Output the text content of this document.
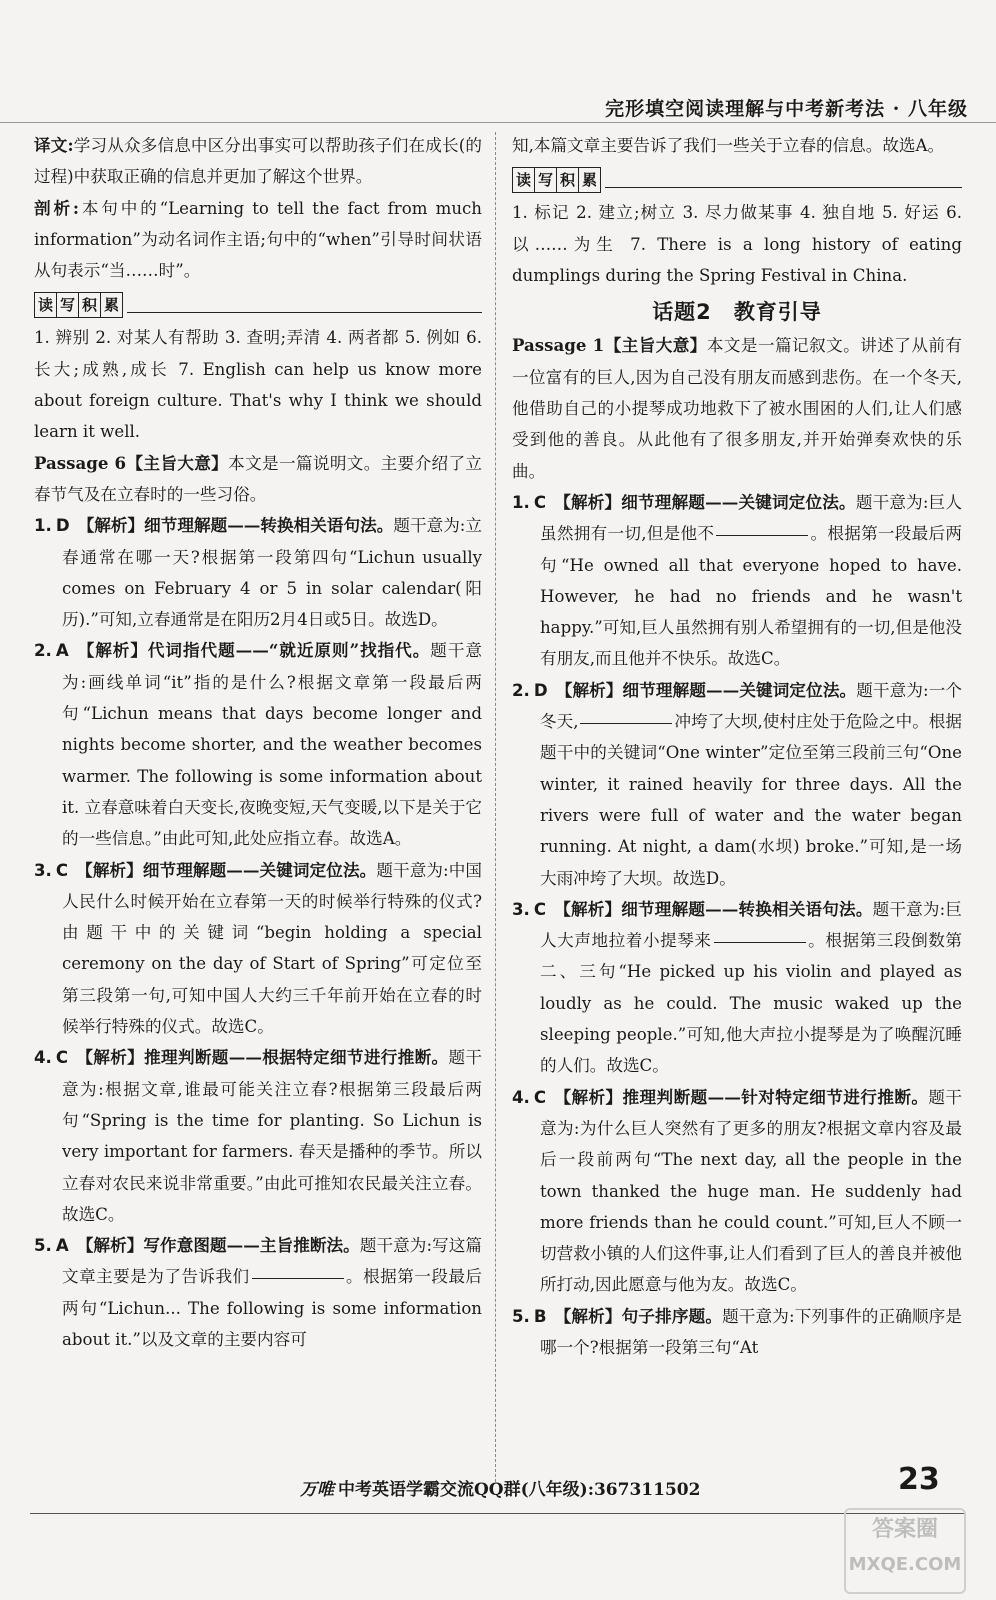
完形填空阅读理解与中考新考法 · 八年级

译文:学习从众多信息中区分出事实可以帮助孩子们在成长(的过程)中获取正确的信息并更加了解这个世界。

剖析:本句中的“Learning to tell the fact from much information”为动名词作主语;句中的“when”引导时间状语从句表示“当……时”。

读 写 积 累

1. 辨别 2. 对某人有帮助 3. 查明;弄清 4. 两者都 5. 例如 6. 长大;成熟,成长 7. English can help us know more about foreign culture. That's why I think we should learn it well.

Passage 6【主旨大意】本文是一篇说明文。主要介绍了立春节气及在立春时的一些习俗。

1. D 【解析】细节理解题——转换相关语句法。题干意为:立春通常在哪一天?根据第一段第四句“Lichun usually comes on February 4 or 5 in solar calendar(阳历).”可知,立春通常是在阳历2月4日或5日。故选D。

2. A 【解析】代词指代题——“就近原则”找指代。题干意为:画线单词“it”指的是什么?根据文章第一段最后两句“Lichun means that days become longer and nights become shorter, and the weather becomes warmer. The following is some information about it. 立春意味着白天变长,夜晚变短,天气变暖,以下是关于它的一些信息。”由此可知,此处应指立春。故选A。

3. C 【解析】细节理解题——关键词定位法。题干意为:中国人民什么时候开始在立春第一天的时候举行特殊的仪式?由题干中的关键词“begin holding a special ceremony on the day of Start of Spring”可定位至第三段第一句,可知中国人大约三千年前开始在立春的时候举行特殊的仪式。故选C。

4. C 【解析】推理判断题——根据特定细节进行推断。题干意为:根据文章,谁最可能关注立春?根据第三段最后两句“Spring is the time for planting. So Lichun is very important for farmers. 春天是播种的季节。所以立春对农民来说非常重要。”由此可推知农民最关注立春。故选C。

5. A 【解析】写作意图题——主旨推断法。题干意为:写这篇文章主要是为了告诉我们	。根据第一段最后两句“Lichun... The following is some information about it.”以及文章的主要内容可

知,本篇文章主要告诉了我们一些关于立春的信息。故选A。

读 写 积 累

1. 标记 2. 建立;树立 3. 尽力做某事 4. 独自地 5. 好运 6. 以……为生 7. There is a long history of eating dumplings during the Spring Festival in China.

话题2 教育引导

Passage 1【主旨大意】本文是一篇记叙文。讲述了从前有一位富有的巨人,因为自己没有朋友而感到悲伤。在一个冬天,他借助自己的小提琴成功地救下了被水围困的人们,让人们感受到他的善良。从此他有了很多朋友,并开始弹奏欢快的乐曲。

1. C 【解析】细节理解题——关键词定位法。题干意为:巨人虽然拥有一切,但是他不	。根据第一段最后两句“He owned all that everyone hoped to have. However, he had no friends and he wasn't happy.”可知,巨人虽然拥有别人希望拥有的一切,但是他没有朋友,而且他并不快乐。故选C。

2. D 【解析】细节理解题——关键词定位法。题干意为:一个冬天,	冲垮了大坝,使村庄处于危险之中。根据题干中的关键词“One winter”定位至第三段前三句“One winter, it rained heavily for three days. All the rivers were full of water and the water began running. At night, a dam(水坝) broke.”可知,是一场大雨冲垮了大坝。故选D。

3. C 【解析】细节理解题——转换相关语句法。题干意为:巨人大声地拉着小提琴来	。根据第三段倒数第二、三句“He picked up his violin and played as loudly as he could. The music waked up the sleeping people.”可知,他大声拉小提琴是为了唤醒沉睡的人们。故选C。

4. C 【解析】推理判断题——针对特定细节进行推断。题干意为:为什么巨人突然有了更多的朋友?根据文章内容及最后一段前两句“The next day, all the people in the town thanked the huge man. He suddenly had more friends than he could count.”可知,巨人不顾一切营救小镇的人们这件事,让人们看到了巨人的善良并被他所打动,因此愿意与他为友。故选C。

5. B 【解析】句子排序题。题干意为:下列事件的正确顺序是哪一个?根据第一段第三句“At

万唯 中考英语学霸交流QQ群(八年级):367311502	23
答案圈
MXQE.COM
